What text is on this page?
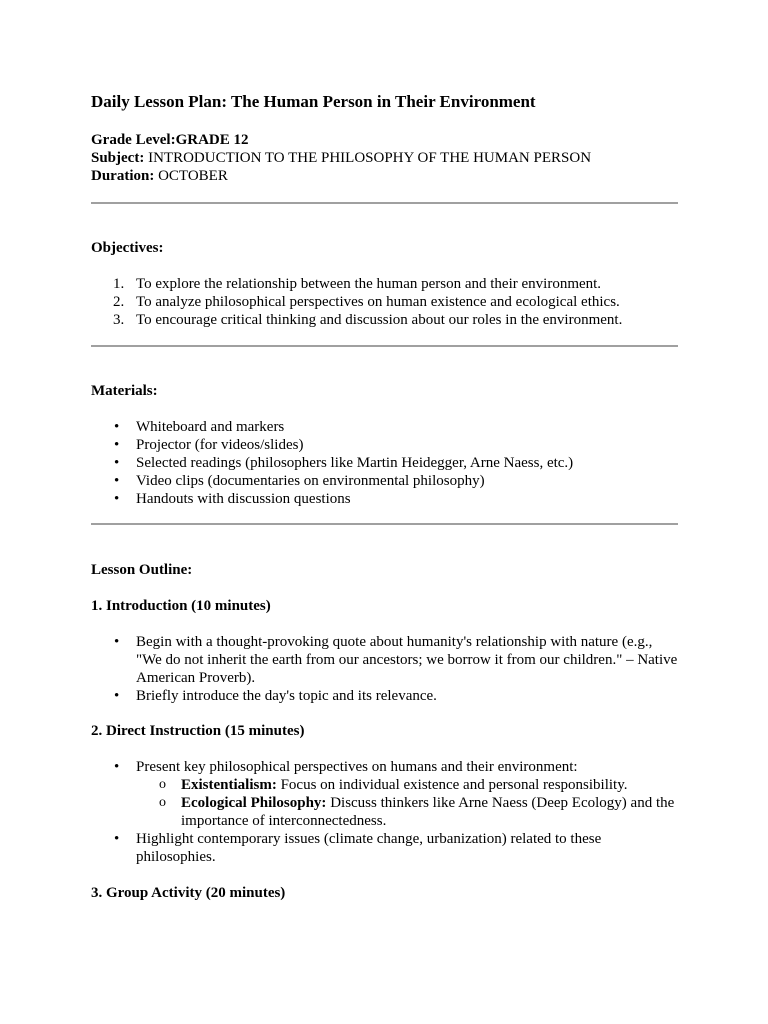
Daily Lesson Plan: The Human Person in Their Environment
Grade Level:GRADE 12
Subject: INTRODUCTION TO THE PHILOSOPHY OF THE HUMAN PERSON
Duration: OCTOBER
Objectives:
1. To explore the relationship between the human person and their environment.
2. To analyze philosophical perspectives on human existence and ecological ethics.
3. To encourage critical thinking and discussion about our roles in the environment.
Materials:
• Whiteboard and markers
• Projector (for videos/slides)
• Selected readings (philosophers like Martin Heidegger, Arne Naess, etc.)
• Video clips (documentaries on environmental philosophy)
• Handouts with discussion questions
Lesson Outline:
1. Introduction (10 minutes)
• Begin with a thought-provoking quote about humanity's relationship with nature (e.g., "We do not inherit the earth from our ancestors; we borrow it from our children." – Native American Proverb).
• Briefly introduce the day's topic and its relevance.
2. Direct Instruction (15 minutes)
• Present key philosophical perspectives on humans and their environment:
o Existentialism: Focus on individual existence and personal responsibility.
o Ecological Philosophy: Discuss thinkers like Arne Naess (Deep Ecology) and the importance of interconnectedness.
• Highlight contemporary issues (climate change, urbanization) related to these philosophies.
3. Group Activity (20 minutes)
